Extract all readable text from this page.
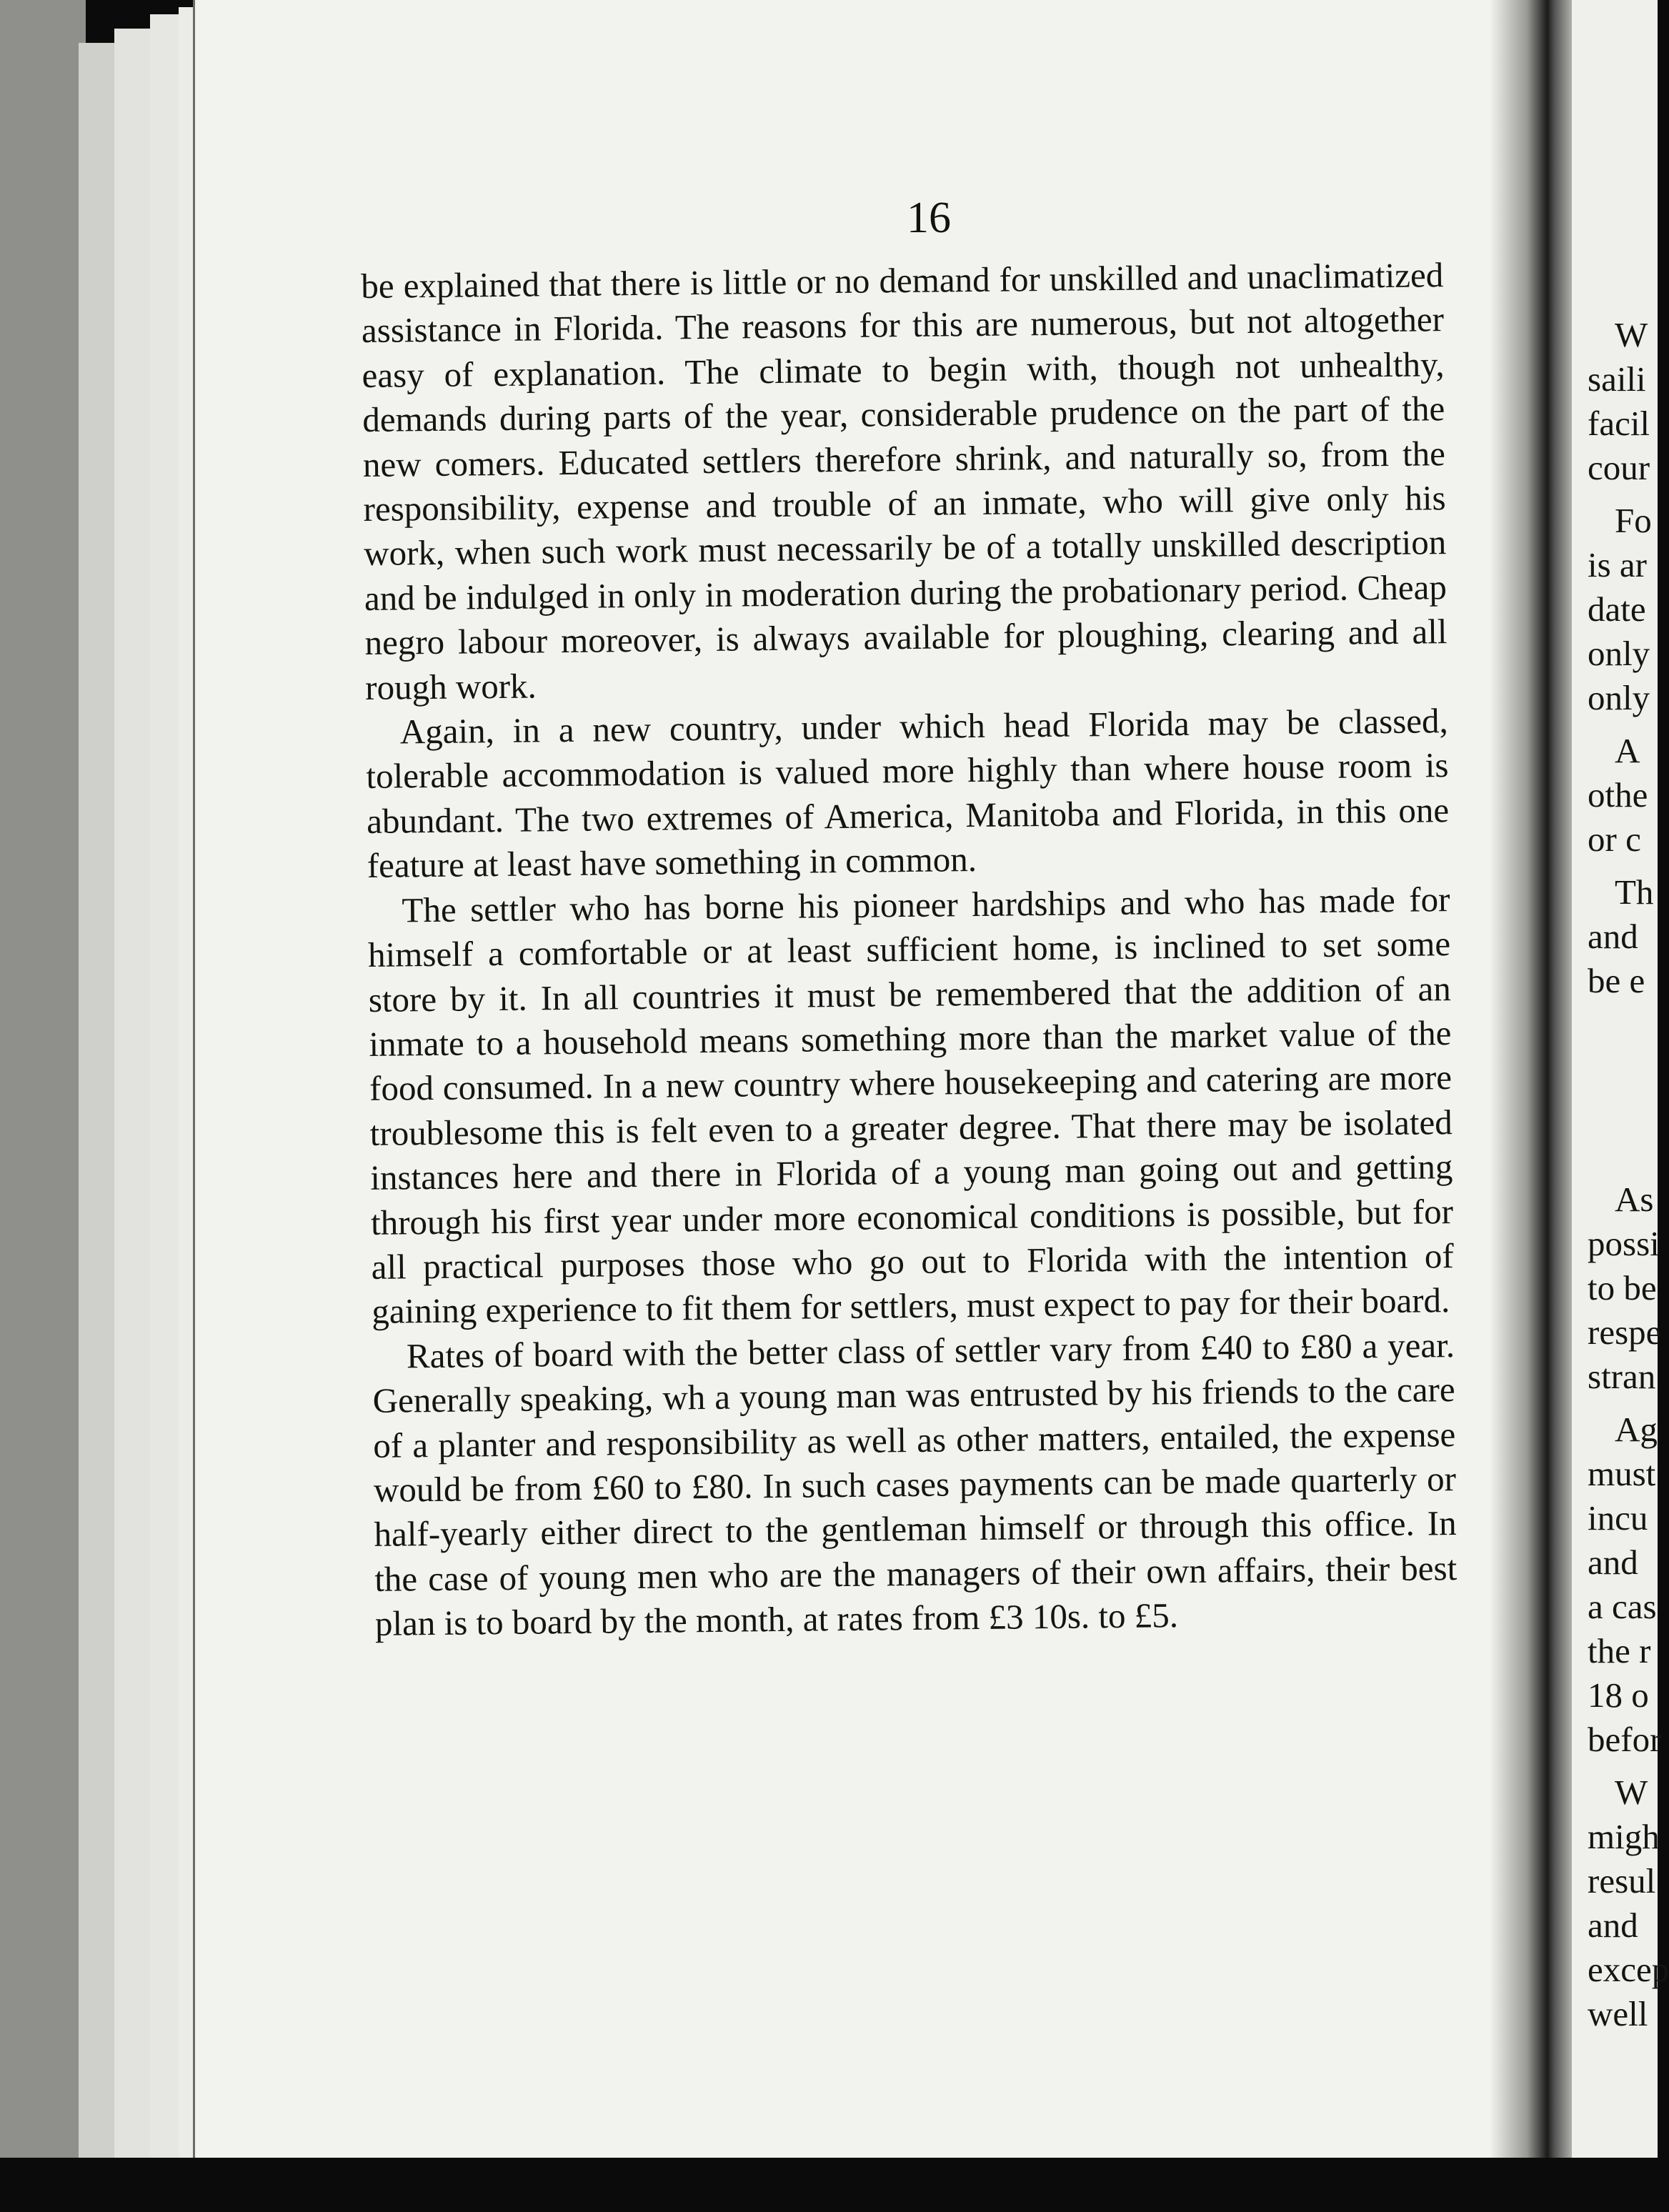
16

be explained that there is little or no demand for unskilled and unaclimatized assistance in Florida. The reasons for this are numerous, but not altogether easy of explanation. The climate to begin with, though not unhealthy, demands during parts of the year, considerable prudence on the part of the new comers. Educated settlers therefore shrink, and naturally so, from the responsibility, expense and trouble of an inmate, who will give only his work, when such work must necessarily be of a totally unskilled description and be indulged in only in moderation during the probationary period. Cheap negro labour moreover, is always available for ploughing, clearing and all rough work.

Again, in a new country, under which head Florida may be classed, tolerable accommodation is valued more highly than where house room is abundant. The two extremes of America, Manitoba and Florida, in this one feature at least have something in common.

The settler who has borne his pioneer hardships and who has made for himself a comfortable or at least sufficient home, is inclined to set some store by it. In all countries it must be remembered that the addition of an inmate to a household means something more than the market value of the food consumed. In a new country where housekeeping and catering are more troublesome this is felt even to a greater degree. That there may be isolated instances here and there in Florida of a young man going out and getting through his first year under more economical conditions is possible, but for all practical purposes those who go out to Florida with the intention of gaining experience to fit them for settlers, must expect to pay for their board.

Rates of board with the better class of settler vary from £40 to £80 a year. Generally speaking, wh a young man was entrusted by his friends to the care of a planter and responsibility as well as other matters, entailed, the expense would be from £60 to £80. In such cases payments can be made quarterly or half-yearly either direct to the gentleman himself or through this office. In the case of young men who are the managers of their own affairs, their best plan is to board by the month, at rates from £3 10s. to £5.

W
saili
facil
cour
Fo
is ar
date
only
only
A
othe
or c
Th
and
be e
As
possi
to be
respe
stran
Ag
must
incu
and
a cas
the r
18 o
befor
W
migh
resul
and
excep
well
